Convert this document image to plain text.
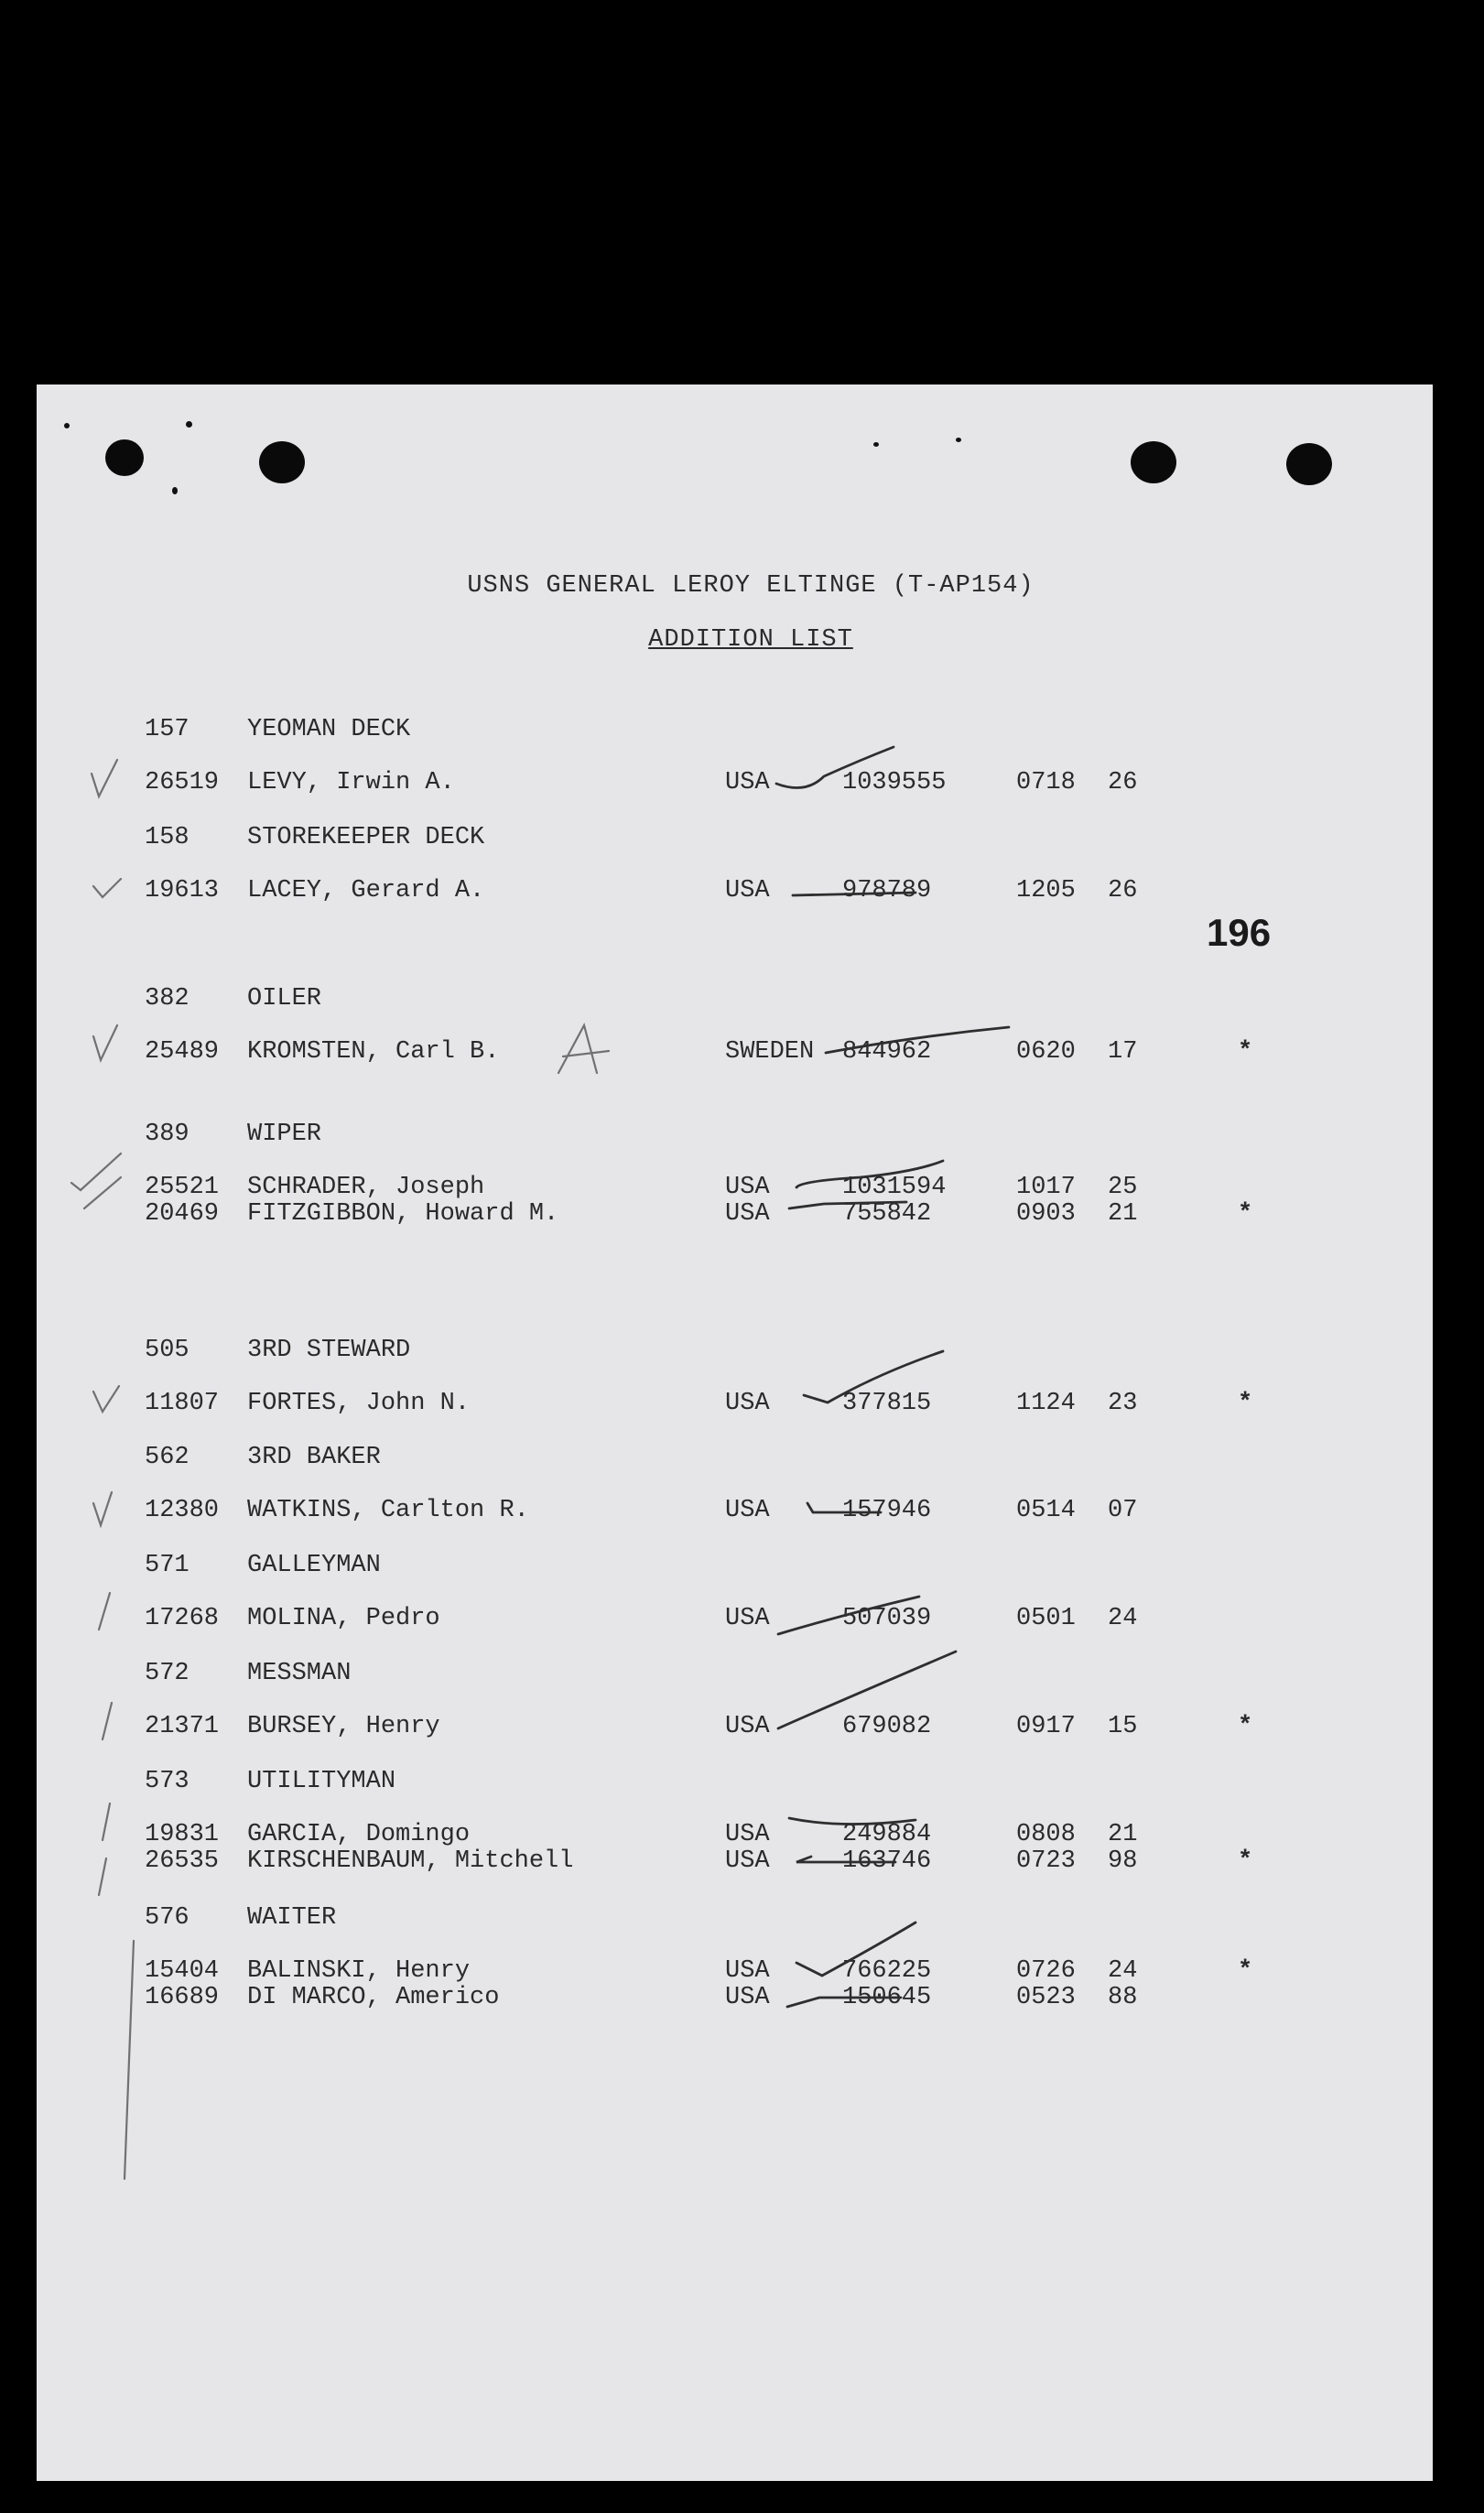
USNS GENERAL LEROY ELTINGE (T-AP154)
ADDITION LIST
196
157 YEOMAN DECK
26519 LEVY, Irwin A.	USA	1039555	0718 26
158 STOREKEEPER DECK
19613 LACEY, Gerard A.	USA	978789	1205 26
382 OILER
25489 KROMSTEN, Carl B.	SWEDEN 844962	0620 17	*
389 WIPER
25521 SCHRADER, Joseph	USA	1031594	1017 25
20469 FITZGIBBON, Howard M.	USA	755842	0903 21	*
505 3RD STEWARD
11807 FORTES, John N.	USA	377815	1124 23	*
562 3RD BAKER
12380 WATKINS, Carlton R.	USA	157946	0514 07
571 GALLEYMAN
17268 MOLINA, Pedro	USA	507039	0501 24
572 MESSMAN
21371 BURSEY, Henry	USA	679082	0917 15	*
573 UTILITYMAN
19831 GARCIA, Domingo	USA	249884	0808 21
26535 KIRSCHENBAUM, Mitchell	USA	163746	0723 98	*
576 WAITER
15404 BALINSKI, Henry	USA	766225	0726 24	*
16689 DI MARCO, Americo	USA	150645	0523 88
